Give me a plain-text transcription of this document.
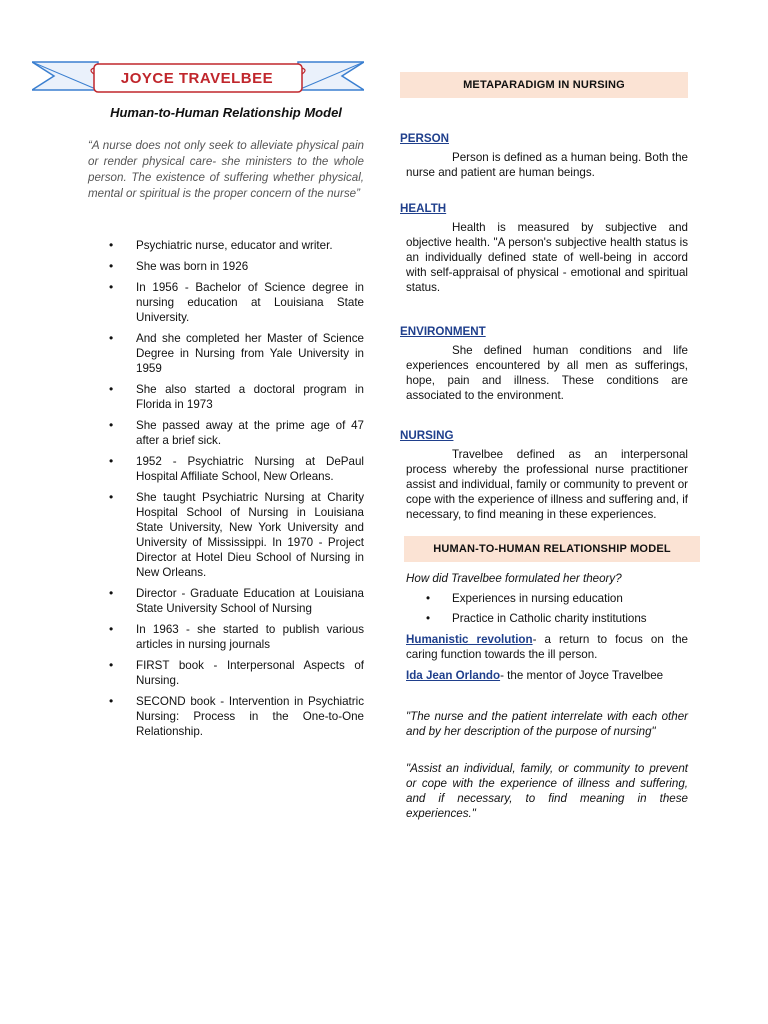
JOYCE TRAVELBEE
Human-to-Human Relationship Model
“A nurse does not only seek to alleviate physical pain or render physical care- she ministers to the whole person. The existence of suffering whether physical, mental or spiritual is the proper concern of the nurse”
• Psychiatric nurse, educator and writer.
• She was born in 1926
• In 1956 - Bachelor of Science degree in nursing education at Louisiana State University.
• And she completed her Master of Science Degree in Nursing from Yale University in 1959
• She also started a doctoral program in Florida in 1973
• She passed away at the prime age of 47 after a brief sick.
• 1952 - Psychiatric Nursing at DePaul Hospital Affiliate School, New Orleans.
• She taught Psychiatric Nursing at Charity Hospital School of Nursing in Louisiana State University, New York University and University of Mississippi. In 1970 - Project Director at Hotel Dieu School of Nursing in New Orleans.
• Director - Graduate Education at Louisiana State University School of Nursing
• In 1963 - she started to publish various articles in nursing journals
• FIRST book - Interpersonal Aspects of Nursing.
• SECOND book - Intervention in Psychiatric Nursing: Process in the One-to-One Relationship.
METAPARADIGM IN NURSING
PERSON
Person is defined as a human being. Both the nurse and patient are human beings.
HEALTH
Health is measured by subjective and objective health. "A person's subjective health status is an individually defined state of well-being in accord with self-appraisal of physical - emotional and spiritual status.
ENVIRONMENT
She defined human conditions and life experiences encountered by all men as sufferings, hope, pain and illness. These conditions are associated to the environment.
NURSING
Travelbee defined as an interpersonal process whereby the professional nurse practitioner assist and individual, family or community to prevent or cope with the experience of illness and suffering and, if necessary, to find meaning in these experiences.
HUMAN-TO-HUMAN RELATIONSHIP MODEL
How did Travelbee formulated her theory?
• Experiences in nursing education
• Practice in Catholic charity institutions
Humanistic revolution- a return to focus on the caring function towards the ill person.
Ida Jean Orlando- the mentor of Joyce Travelbee
"The nurse and the patient interrelate with each other and by her description of the purpose of nursing"
"Assist an individual, family, or community to prevent or cope with the experience of illness and suffering, and if necessary, to find meaning in these experiences."
